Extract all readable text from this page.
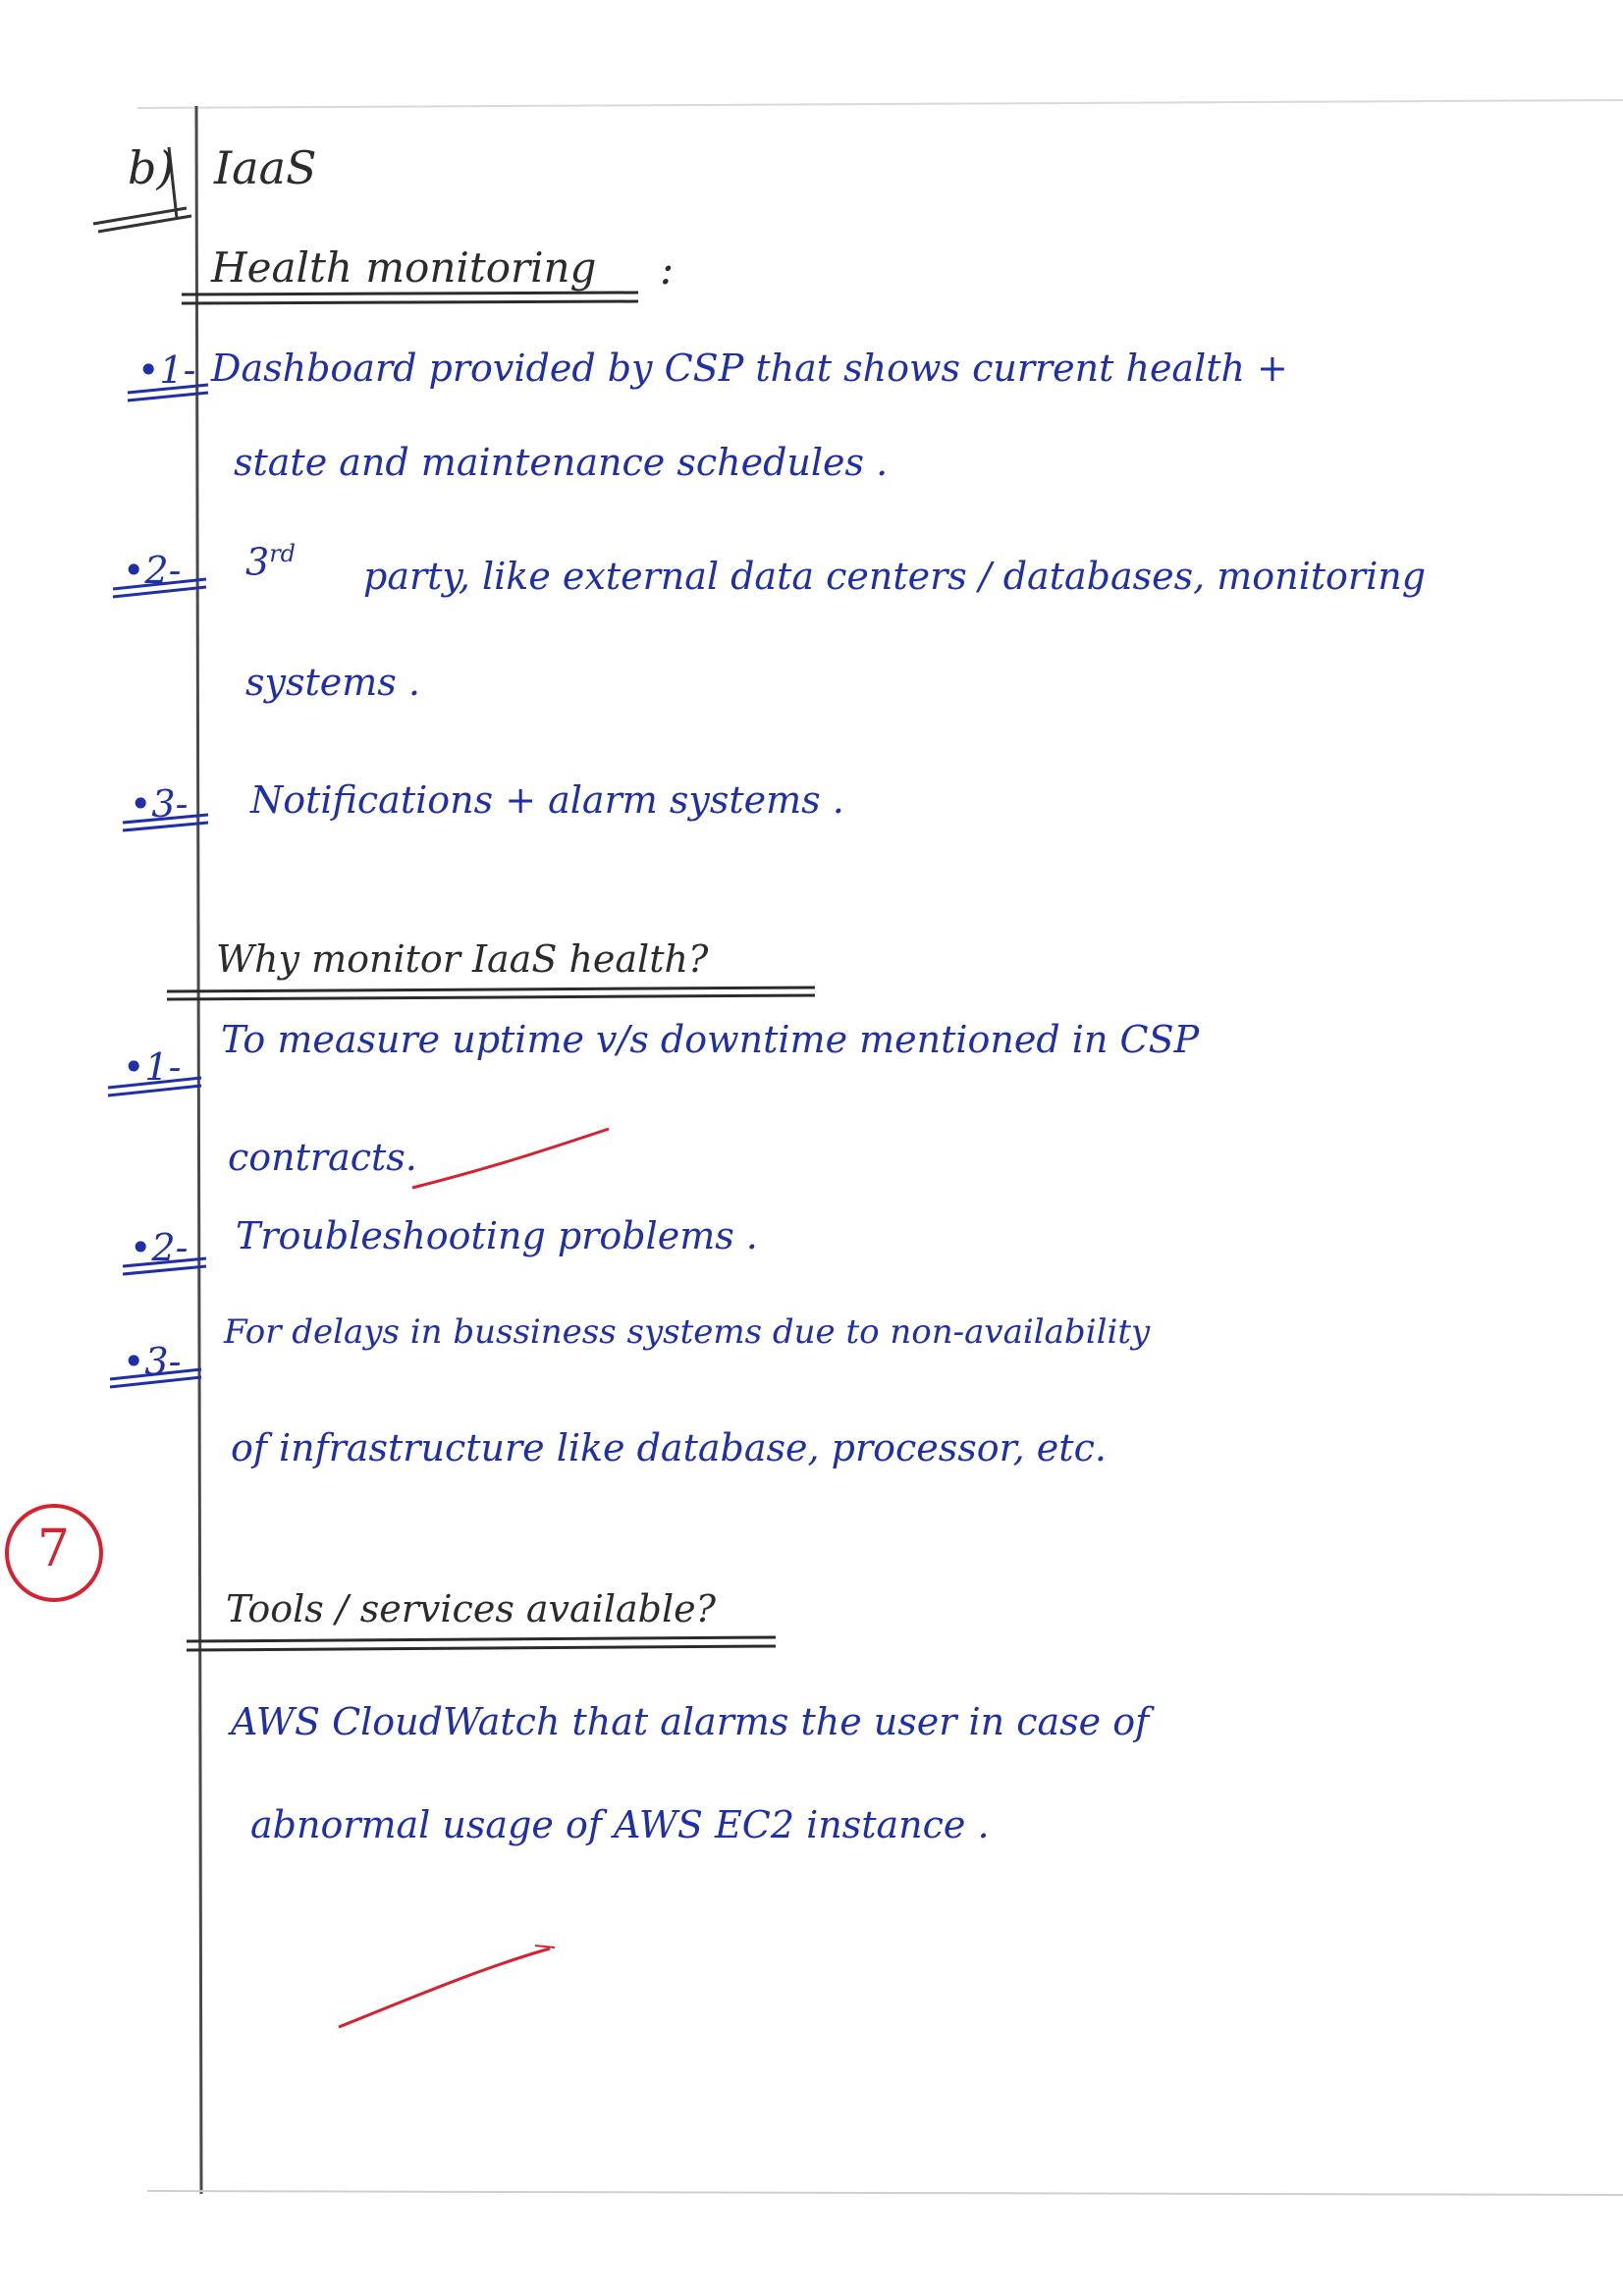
b) IaaS
Health monitoring :
•1- Dashboard provided by CSP that shows current health +
state and maintenance schedules .
•2- 3rd
party, like external data centers / databases, monitoring
systems .
•3- Notifications + alarm systems .
Why monitor IaaS health?
•1-
To measure uptime v/s downtime mentioned in CSP
contracts.
•2- Troubleshooting problems .
•3-
For delays in bussiness systems due to non-availability
of infrastructure like database, processor, etc.
7
Tools / services available?
AWS CloudWatch that alarms the user in case of
abnormal usage of AWS EC2 instance .
